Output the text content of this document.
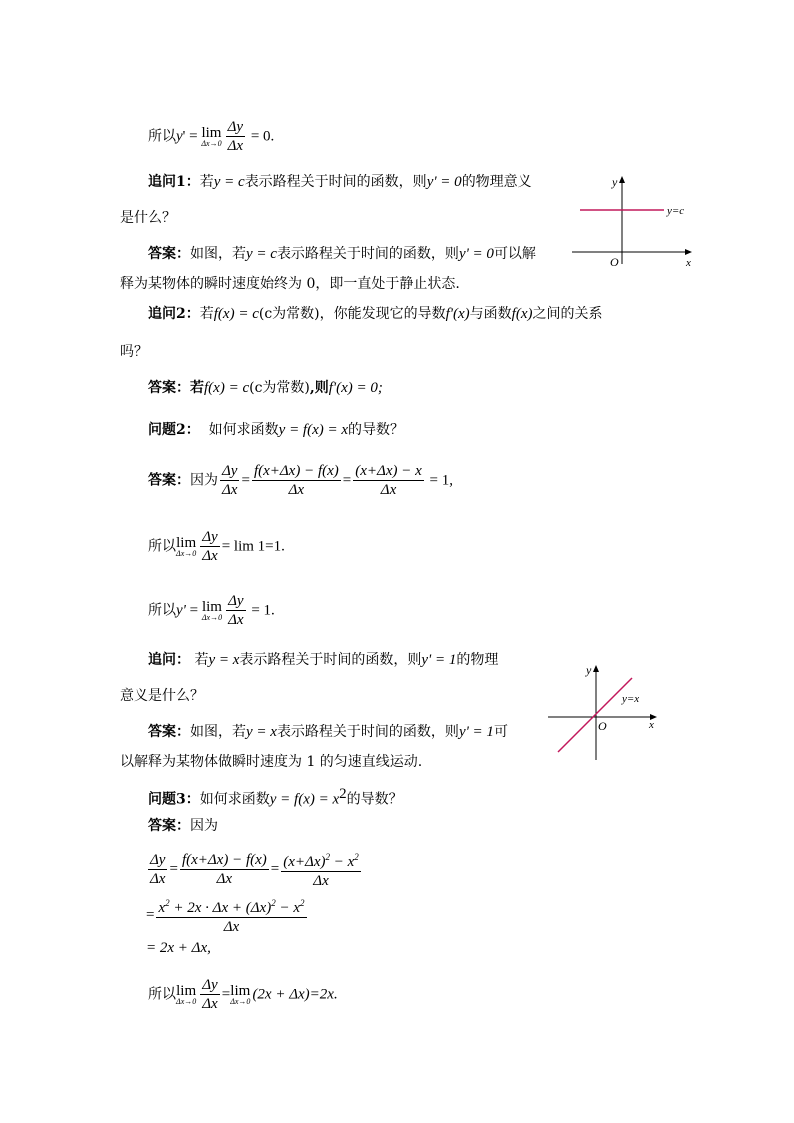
所以y' = lim
$\Delta x\to 0 \frac{\Delta y}{\Delta x} = 0$.
追问1：若y = c表示路程关于时间的函数，则y' = 0的物理意义
是什么？
答案：如图，若y = c表示路程关于时间的函数，则y' = 0可以解
释为某物体的瞬时速度始终为 0，即一直处于静止状态.
y
x
O
y=c
追问2：若f(x) = c(c为常数)，你能发现它的导数f'(x)与函数f(x)之间的关系
吗？
答案：若f(x) = c(c为常数),则f'(x) = 0;
问题2： 如何求函数y = f(x) = x的导数？
答案：因为 $\frac{\Delta y}{\Delta x} = \frac{f(x+\Delta x) - f(x)}{\Delta x} = \frac{(x+\Delta x) - x}{\Delta x} = 1$,
所以lim
$\Delta x\to 0 \frac{\Delta y}{\Delta x} = \lim 1=1$.
所以y' = lim
$\Delta x\to 0 \frac{\Delta y}{\Delta x} = 1$.
追问： 若y = x表示路程关于时间的函数，则y' = 1的物理
意义是什么？
答案：如图，若y = x表示路程关于时间的函数，则y' = 1可
以解释为某物体做瞬时速度为 1 的匀速直线运动.
y
x
O
y=x
问题3：如何求函数$y = f(x) = x^2$的导数？
答案：因为
$\frac{\Delta y}{\Delta x} = \frac{f(x+\Delta x) - f(x)}{\Delta x} = \frac{(x+\Delta x)^2 - x^2}{\Delta x}$
= $\frac{x^2 + 2x \cdot \Delta x + (\Delta x)^2 - x^2}{\Delta x}$
= 2x + Δx,
所以lim
$\Delta x\to 0 \frac{\Delta y}{\Delta x} =\lim$
Δx→0 (2x + Δx)=2x.
